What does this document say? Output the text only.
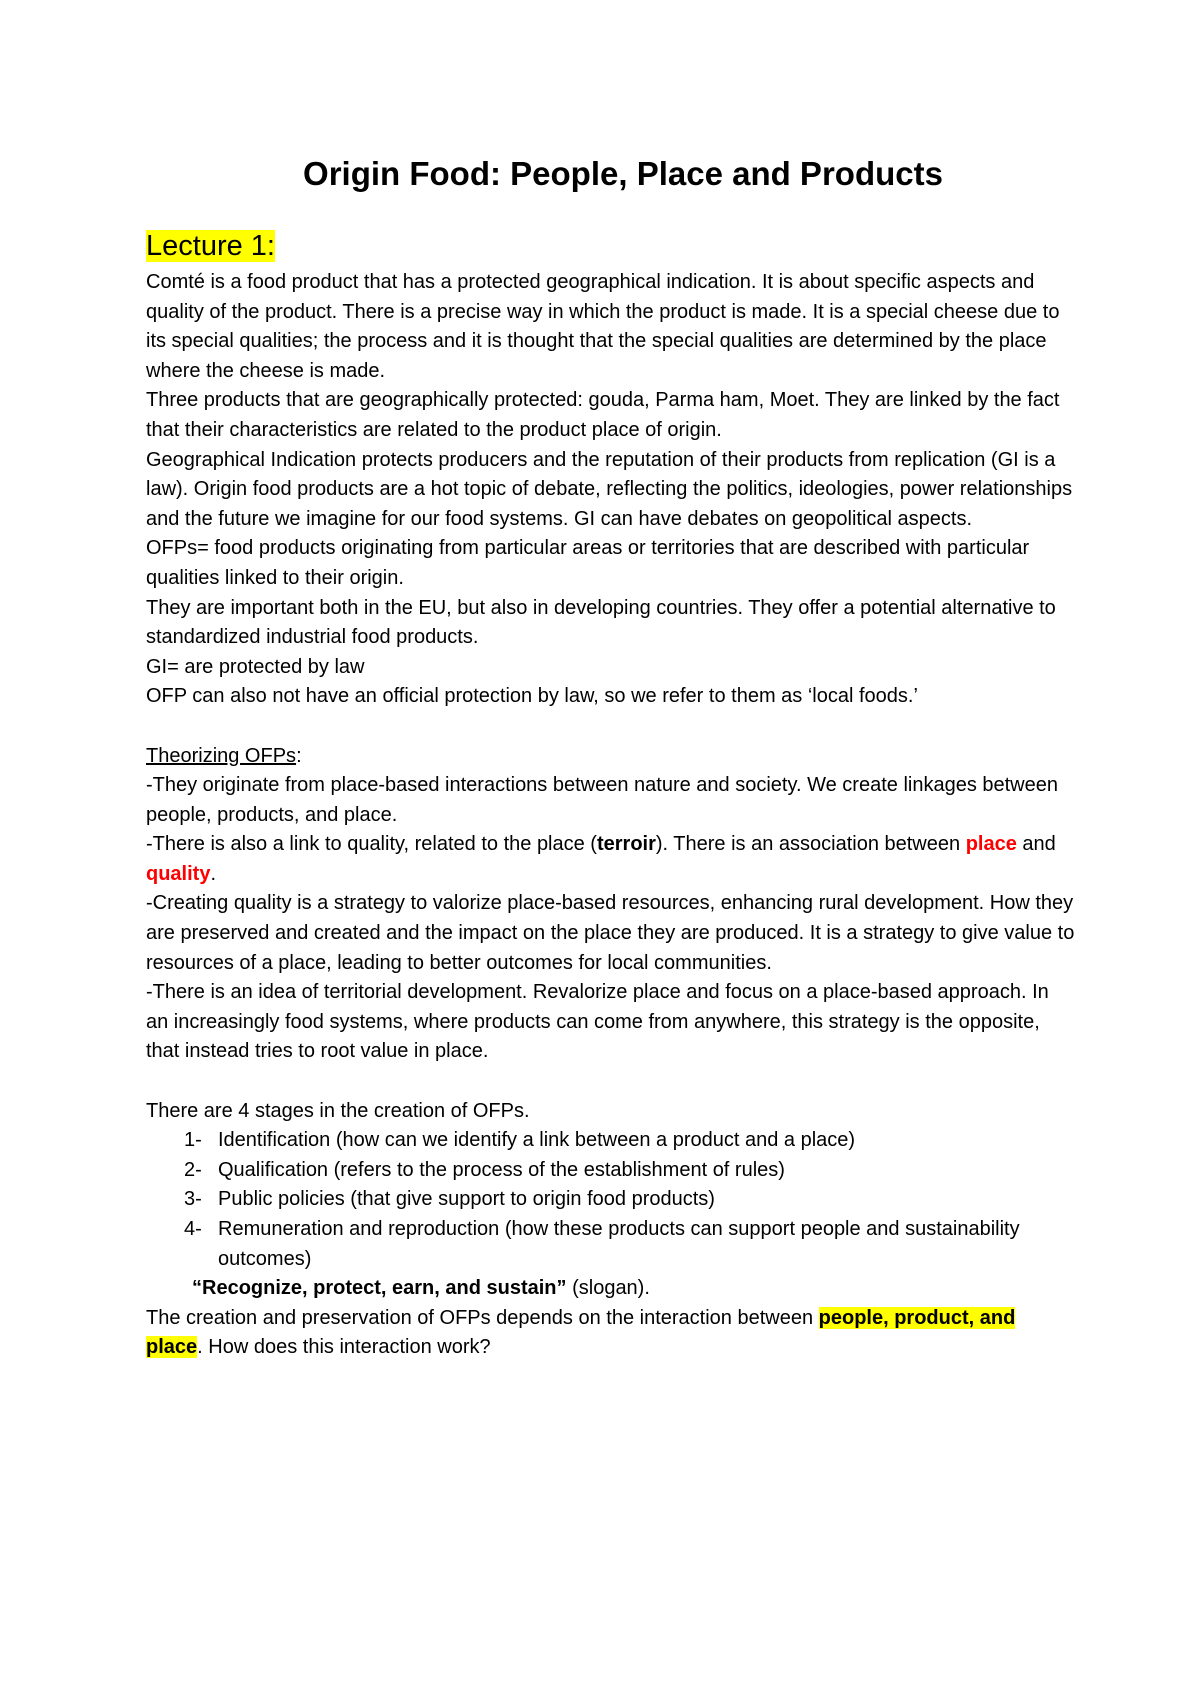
Origin Food: People, Place and Products
Lecture 1:

Comté is a food product that has a protected geographical indication. It is about specific aspects and quality of the product. There is a precise way in which the product is made. It is a special cheese due to its special qualities; the process and it is thought that the special qualities are determined by the place where the cheese is made.

Three products that are geographically protected: gouda, Parma ham, Moet. They are linked by the fact that their characteristics are related to the product place of origin.

Geographical Indication protects producers and the reputation of their products from replication (GI is a law). Origin food products are a hot topic of debate, reflecting the politics, ideologies, power relationships and the future we imagine for our food systems. GI can have debates on geopolitical aspects.

OFPs= food products originating from particular areas or territories that are described with particular qualities linked to their origin.

They are important both in the EU, but also in developing countries. They offer a potential alternative to standardized industrial food products.

GI= are protected by law

OFP can also not have an official protection by law, so we refer to them as ‘local foods.’

Theorizing OFPs:

-They originate from place-based interactions between nature and society. We create linkages between people, products, and place.

-There is also a link to quality, related to the place (terroir). There is an association between place and quality.

-Creating quality is a strategy to valorize place-based resources, enhancing rural development. How they are preserved and created and the impact on the place they are produced. It is a strategy to give value to resources of a place, leading to better outcomes for local communities.

-There is an idea of territorial development. Revalorize place and focus on a place-based approach. In an increasingly food systems, where products can come from anywhere, this strategy is the opposite, that instead tries to root value in place.

There are 4 stages in the creation of OFPs.

1- Identification (how can we identify a link between a product and a place)
2- Qualification (refers to the process of the establishment of rules)
3- Public policies (that give support to origin food products)
4- Remuneration and reproduction (how these products can support people and sustainability outcomes)

“Recognize, protect, earn, and sustain” (slogan).

The creation and preservation of OFPs depends on the interaction between people, product, and place. How does this interaction work?
